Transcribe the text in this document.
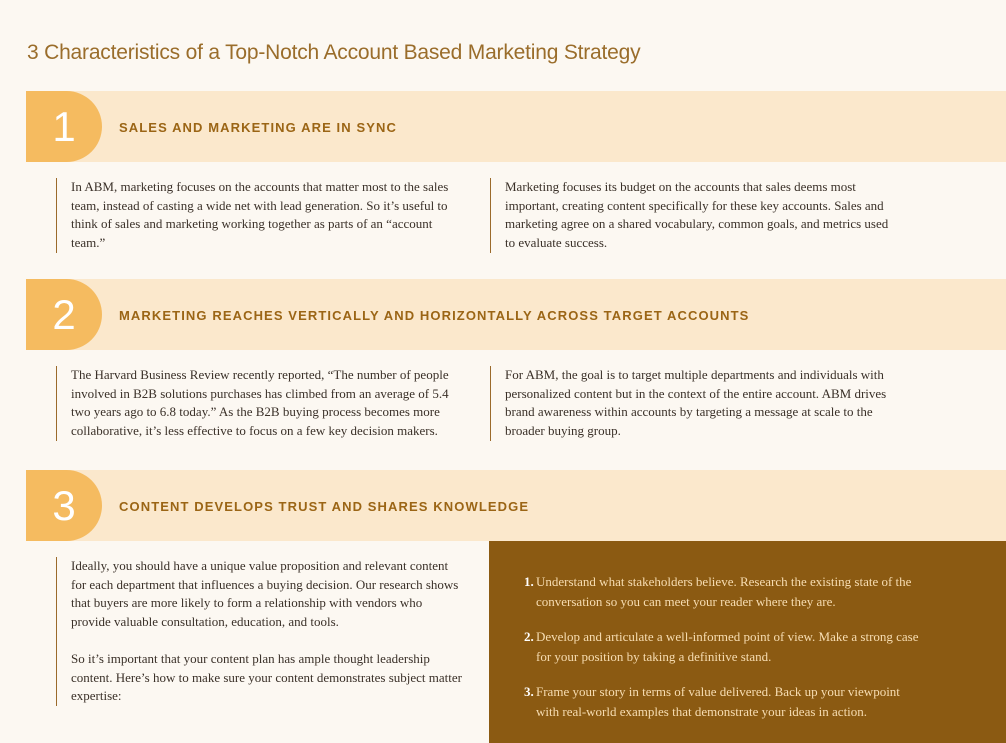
3 Characteristics of a Top-Notch Account Based Marketing Strategy
1	SALES AND MARKETING ARE IN SYNC

In ABM, marketing focuses on the accounts that matter most to the sales team, instead of casting a wide net with lead generation. So it’s useful to think of sales and marketing working together as parts of an “account team.”

Marketing focuses its budget on the accounts that sales deems most important, creating content specifically for these key accounts. Sales and marketing agree on a shared vocabulary, common goals, and metrics used to evaluate success.

2	MARKETING REACHES VERTICALLY AND HORIZONTALLY ACROSS TARGET ACCOUNTS

The Harvard Business Review recently reported, “The number of people involved in B2B solutions purchases has climbed from an average of 5.4 two years ago to 6.8 today.” As the B2B buying process becomes more collaborative, it’s less effective to focus on a few key decision makers.

For ABM, the goal is to target multiple departments and individuals with personalized content but in the context of the entire account. ABM drives brand awareness within accounts by targeting a message at scale to the broader buying group.

3	CONTENT DEVELOPS TRUST AND SHARES KNOWLEDGE

Ideally, you should have a unique value proposition and relevant content for each department that influences a buying decision. Our research shows that buyers are more likely to form a relationship with vendors who provide valuable consultation, education, and tools.

So it’s important that your content plan has ample thought leadership content. Here’s how to make sure your content demonstrates subject matter expertise:

1. Understand what stakeholders believe. Research the existing state of the conversation so you can meet your reader where they are.
2. Develop and articulate a well-informed point of view. Make a strong case for your position by taking a definitive stand.
3. Frame your story in terms of value delivered. Back up your viewpoint with real-world examples that demonstrate your ideas in action.
